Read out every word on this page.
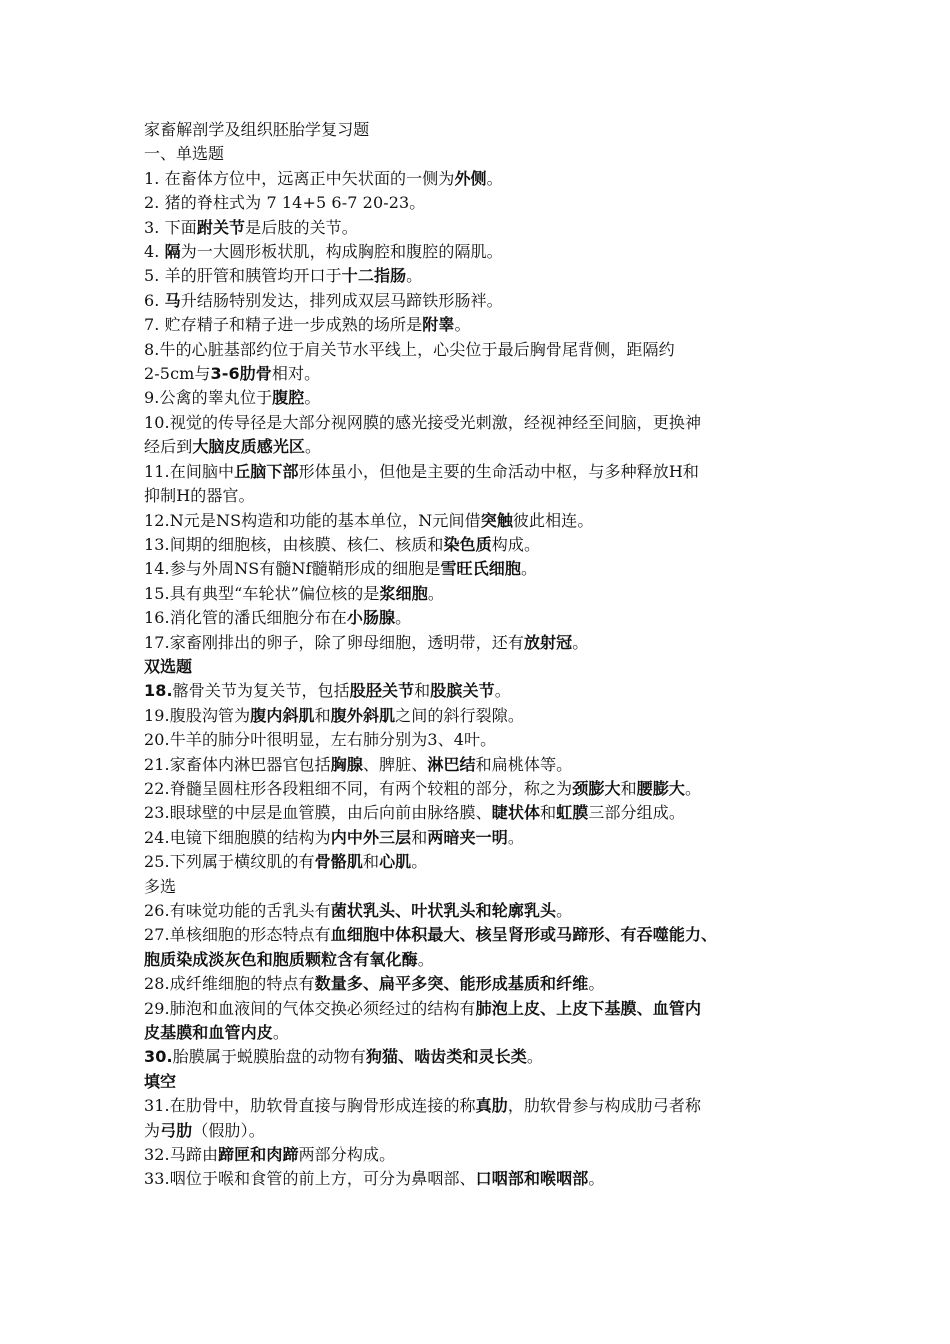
家畜解剖学及组织胚胎学复习题
一、单选题
1. 在畜体方位中，远离正中矢状面的一侧为外侧。
2. 猪的脊柱式为 7 14+5 6-7 20-23。
3. 下面跗关节是后肢的关节。
4. 隔为一大圆形板状肌，构成胸腔和腹腔的隔肌。
5. 羊的肝管和胰管均开口于十二指肠。
6. 马升结肠特别发达，排列成双层马蹄铁形肠袢。
7. 贮存精子和精子进一步成熟的场所是附睾。
8.牛的心脏基部约位于肩关节水平线上，心尖位于最后胸骨尾背侧，距隔约
2-5cm与3-6肋骨相对。
9.公禽的睾丸位于腹腔。
10.视觉的传导径是大部分视网膜的感光接受光刺激，经视神经至间脑，更换神
经后到大脑皮质感光区。
11.在间脑中丘脑下部形体虽小，但他是主要的生命活动中枢，与多种释放H和
抑制H的器官。
12.N元是NS构造和功能的基本单位，N元间借突触彼此相连。
13.间期的细胞核，由核膜、核仁、核质和染色质构成。
14.参与外周NS有髓Nf髓鞘形成的细胞是雪旺氏细胞。
15.具有典型“车轮状”偏位核的是浆细胞。
16.消化管的潘氏细胞分布在小肠腺。
17.家畜刚排出的卵子，除了卵母细胞，透明带，还有放射冠。
双选题
18.髂骨关节为复关节，包括股胫关节和股膑关节。
19.腹股沟管为腹内斜肌和腹外斜肌之间的斜行裂隙。
20.牛羊的肺分叶很明显，左右肺分别为3、4叶。
21.家畜体内淋巴器官包括胸腺、脾脏、淋巴结和扁桃体等。
22.脊髓呈圆柱形各段粗细不同，有两个较粗的部分，称之为颈膨大和腰膨大。
23.眼球壁的中层是血管膜，由后向前由脉络膜、睫状体和虹膜三部分组成。
24.电镜下细胞膜的结构为内中外三层和两暗夹一明。
25.下列属于横纹肌的有骨骼肌和心肌。
多选
26.有味觉功能的舌乳头有菌状乳头、叶状乳头和轮廓乳头。
27.单核细胞的形态特点有血细胞中体积最大、核呈肾形或马蹄形、有吞噬能力、
胞质染成淡灰色和胞质颗粒含有氧化酶。
28.成纤维细胞的特点有数量多、扁平多突、能形成基质和纤维。
29.肺泡和血液间的气体交换必须经过的结构有肺泡上皮、上皮下基膜、血管内
皮基膜和血管内皮。
30.胎膜属于蜕膜胎盘的动物有狗猫、啮齿类和灵长类。
填空
31.在肋骨中，肋软骨直接与胸骨形成连接的称真肋，肋软骨参与构成肋弓者称
为弓肋（假肋）。
32.马蹄由蹄匣和肉蹄两部分构成。
33.咽位于喉和食管的前上方，可分为鼻咽部、口咽部和喉咽部。
